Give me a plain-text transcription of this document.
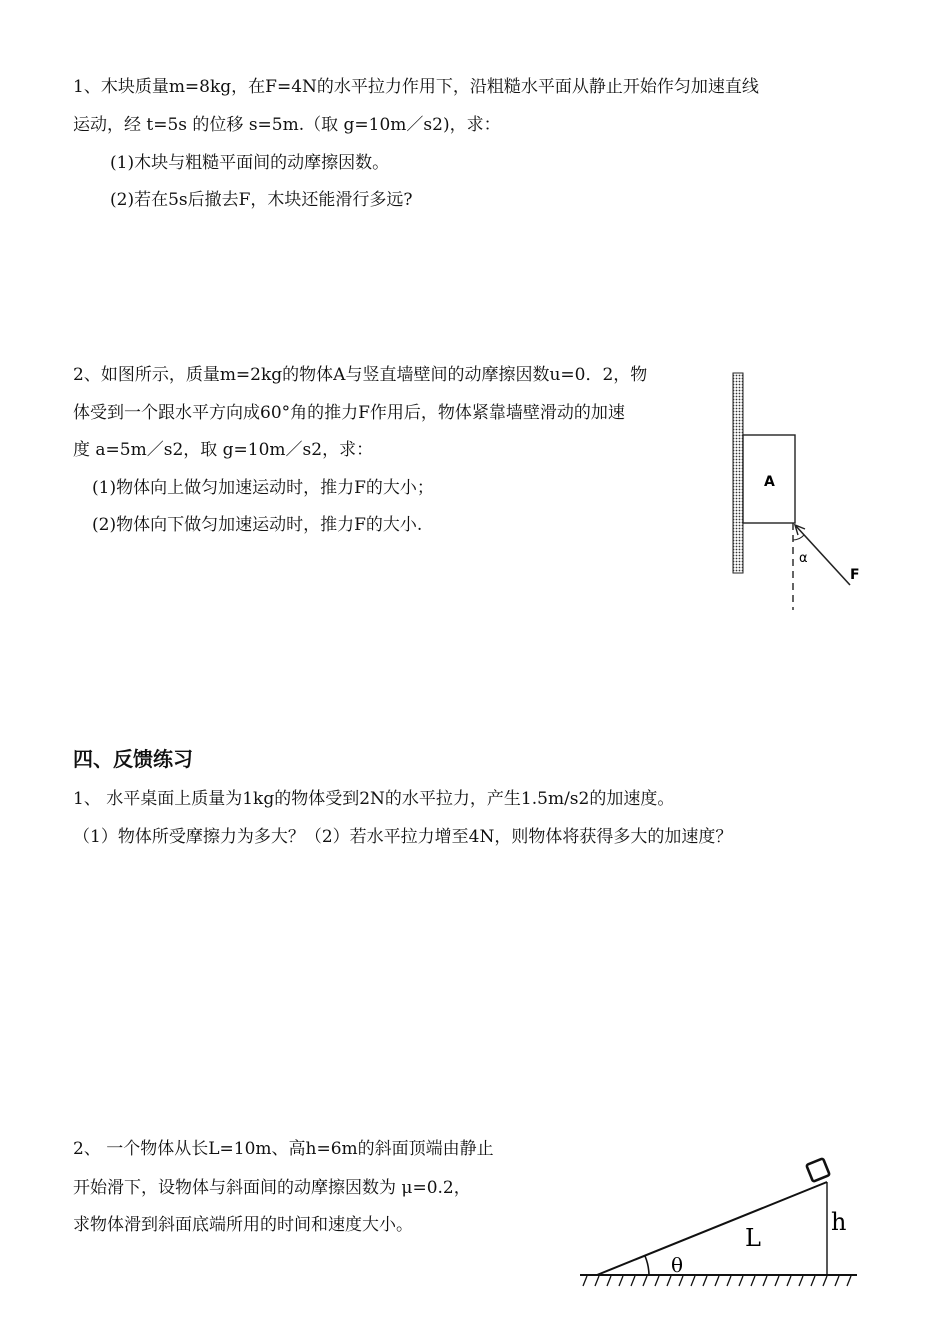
1、木块质量m=8kg，在F=4N的水平拉力作用下，沿粗糙水平面从静止开始作匀加速直线
运动，经 t=5s 的位移 s=5m.（取 g=10m／s2)，求：
(1)木块与粗糙平面间的动摩擦因数。
(2)若在5s后撤去F，木块还能滑行多远?
2、如图所示，质量m=2kg的物体A与竖直墙壁间的动摩擦因数u=0．2，物
体受到一个跟水平方向成60°角的推力F作用后，物体紧靠墙壁滑动的加速
度 a=5m／s2，取 g=10m／s2，求：
(1)物体向上做匀加速运动时，推力F的大小；
(2)物体向下做匀加速运动时，推力F的大小.
A
α
F
四、反馈练习
1、 水平桌面上质量为1kg的物体受到2N的水平拉力，产生1.5m/s2的加速度。
（1）物体所受摩擦力为多大？（2）若水平拉力增至4N，则物体将获得多大的加速度？
2、 一个物体从长L=10m、高h=6m的斜面顶端由静止
开始滑下，设物体与斜面间的动摩擦因数为 μ=0.2，
求物体滑到斜面底端所用的时间和速度大小。
θ
L
h
